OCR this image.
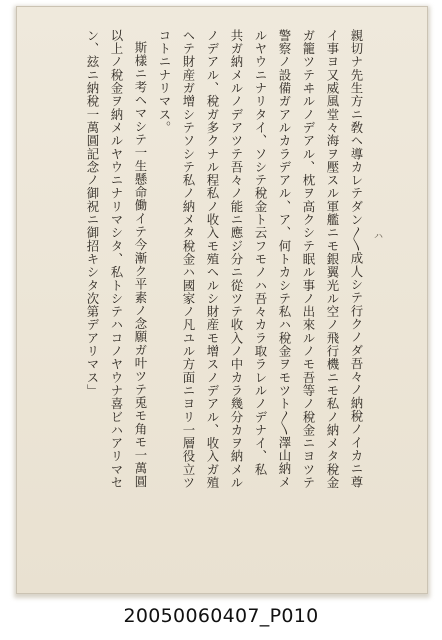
親切ナ先生方ニ敎ヘ導カレテダン〳〵成人シテ行クノダ吾々ノ納稅ノイカニ尊
イ事ヨ又威風堂々海ヲ壓スル軍艦ニモ銀翼光ル空ノ飛行機ニモ私ノ納メタ稅金
ガ籠ツテヰルノデアル、枕ヲ高クシテ眠ル事ノ出來ルノモ吾等ノ稅金ニヨツテ
警察ノ設備ガアルカラデアル、ア、何トカシテ私ハ稅金ヲモツト〳〵澤山納メ
ルヤウニナリタイ、ソシテ稅金ト云フモノハ吾々カラ取ラレルノデナイ、私
共ガ納メルノデアツテ吾々ノ能ニ應ジ分ニ從ツテ收入ノ中カラ幾分カヲ納メル
ノデアル、稅ガ多クナル程私ノ收入モ殖ヘルシ財産モ增スノデアル、收入ガ殖
ヘテ財産ガ增シテソシテ私ノ納メタ稅金ハ國家ノ凡ユル方面ニヨリ一層役立ツ
コトニナリマス。
斯樣ニ考ヘマシテ一生懸命働イテ今漸ク平素ノ念願ガ叶ツテ兎モ角モ一萬圓
以上ノ稅金ヲ納メルヤウニナリマシタ、私トシテハコノヤウナ喜ビハアリマセ
ン、玆ニ納稅一萬圓記念ノ御祝ニ御招キシタ次第デアリマス」	ハ
20050060407_P010
